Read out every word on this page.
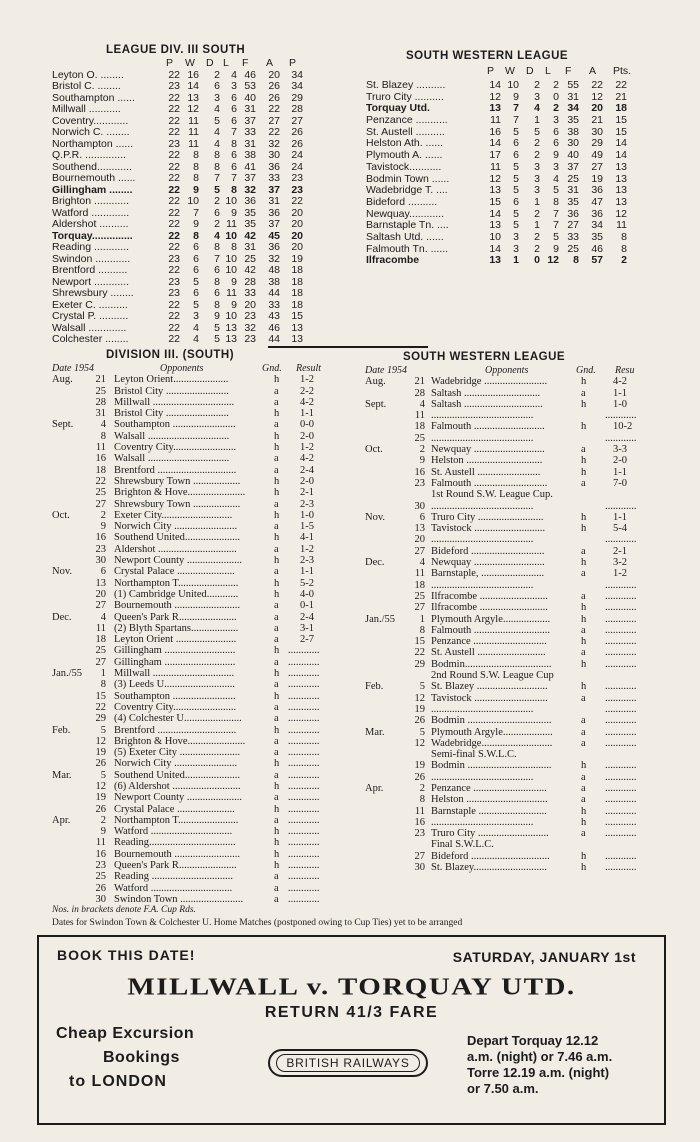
LEAGUE DIV. III SOUTH
P W D L F A P
Leyton O. ........	22 16	2	4 46	20	34
Bristol C. ........	23 14	6	3 53	26	34
Southampton ......	22 13	3	6 40	26	29
Millwall ...........	22 12	4	6 31	22	28
Coventry............	22 11	5	6 37	27	27
Norwich C. ........	22 11	4	7 33	22	26
Northampton ......	23 11	4	8 31	32	26
Q.P.R. ..............	22	8	8	6 38	30	24
Southend............	22	8	8	6 41	36	24
Bournemouth ......	22	8	7	7 37	33	23
Gillingham ........	22	9	5	8 32	37	23
Brighton ............	22 10	2 10 36	31	22
Watford .............	22	7	6	9 35	36	20
Aldershot ..........	22	9	2 11 35	37	20
Torquay..............	22	8	4 10 42	45	20
Reading ............	22	6	8	8 31	36	20
Swindon ............	23	6	7 10 25	32	19
Brentford ..........	22	6	6 10 42	48	18
Newport ............	23	5	8	9 28	38	18
Shrewsbury ........	23	6	6 11 33	44	18
Exeter C. ..........	22	5	8	9 20	33	18
Crystal P. ..........	22	3	9 10 23	43	15
Walsall .............	22	4	5 13 32	46	13
Colchester ........	22	4	5 13 23	44	13
SOUTH WESTERN LEAGUE
P W D L F A Pts.
St. Blazey ..........	14 10	2	2 55	22	22
Truro City ..........	12	9	3	0 31	12	21
Torquay Utd.	13	7	4	2 34	20	18
Penzance ...........	11	7	1	3 35	21	15
St. Austell ..........	16	5	5	6 38	30	15
Helston Ath. ......	14	6	2	6 30	29	14
Plymouth A. ......	17	6	2	9 40	49	14
Tavistock...........	11	5	3	3 37	27	13
Bodmin Town ......	12	5	3	4 25	19	13
Wadebridge T. ....	13	5	3	5 31	36	13
Bideford ..........	15	6	1	8 35	47	13
Newquay............	14	5	2	7 36	36	12
Barnstaple Tn. ....	13	5	1	7 27	34	11
Saltash Utd. ......	10	3	2	5 33	35	8
Falmouth Tn. ......	14	3	2	9 25	46	8
Ilfracombe	13	1	0 12	8	57	2
DIVISION III. (SOUTH)
Date 1954	Opponents	Gnd. Result
Aug.	21 Leyton Orient.....................	h 1-2
25 Bristol City ........................	a 2-2
28 Millwall ...............................	a 4-2
31 Bristol City ........................	h 1-1
Sept.	4 Southampton ........................	a 0-0
8 Walsall ...............................	h 2-0
11 Coventry City........................	h 1-2
16 Walsall ...............................	a 4-2
18 Brentford ..............................	a 2-4
22 Shrewsbury Town ..................	h 2-0
25 Brighton & Hove......................	h 2-1
27 Shrewsbury Town ..................	a 2-3
Oct.	2 Exeter City...........................	h 1-0
9 Norwich City ........................	a 1-5
16 Southend United.....................	h 4-1
23 Aldershot ..............................	a 1-2
30 Newport County .....................	h 2-3
Nov.	6 Crystal Palace ......................	a 1-1
13 Northampton T.......................	h 5-2
20 (1) Cambridge United............	h 4-0
27 Bournemouth .........................	a 0-1
Dec.	4 Queen's Park R......................	a 2-4
11 (2) Blyth Spartans..................	a 3-1
18 Leyton Orient .......................	a 2-7
25 Gillingham ...........................	h ............
27 Gillingham ...........................	a ............
Jan./55	1 Millwall ...............................	h ............
8 (3) Leeds U...........................	a ............
15 Southampton ........................	h ............
22 Coventry City........................	a ............
29 (4) Colchester U......................	a ............
Feb.	5 Brentford ..............................	h ............
12 Brighton & Hove......................	a ............
19 (5) Exeter City .......................	a ............
26 Norwich City ........................	h ............
Mar.	5 Southend United.....................	a ............
12 (6) Aldershot ..........................	h ............
19 Newport County .....................	a ............
26 Crystal Palace ......................	h ............
Apr.	2 Northampton T.......................	a ............
9 Watford ...............................	h ............
11 Reading.................................	h ............
16 Bournemouth .........................	h ............
23 Queen's Park R......................	h ............
25 Reading ...............................	a ............
26 Watford ...............................	a ............
30 Swindon Town ........................	a ............
Nos. in brackets denote F.A. Cup Rds.
Dates for Swindon Town & Colchester U. Home Matches (postponed owing to Cup Ties) yet to be arranged
SOUTH WESTERN LEAGUE
Date 1954	Opponents	Gnd. Resu
Aug.	21 Wadebridge ........................	h	4-2
28 Saltash .............................	a	1-1
Sept.	4 Saltash ..............................	h	1-0
11 .......................................	............
18 Falmouth ...........................	h	10-2
25 .......................................	............
Oct.	2 Newquay ...........................	a	3-3
9 Helston .............................	h	2-0
16 St. Austell ........................	h	1-1
23 Falmouth ............................	a	7-0
1st Round S.W. League Cup.
30 .......................................	............
Nov.	6 Truro City .........................	h	1-1
13 Tavistock ...........................	h	5-4
20 .......................................	............
27 Bideford ............................	a	2-1
Dec.	4 Newquay ...........................	h	3-2
11 Barnstaple, ........................	a	1-2
18 .......................................	............
25 Ilfracombe ..........................	a ............
27 Ilfracombe ..........................	h ............
Jan./55	1 Plymouth Argyle..................	h ............
8 Falmouth .............................	a ............
15 Penzance ............................	h ............
22 St. Austell ..........................	a ............
29 Bodmin.................................	h ............
2nd Round S.W. League Cup
Feb.	5 St. Blazey ...........................	h ............
12 Tavistock ............................	a ............
19 .......................................	............
26 Bodmin ................................	a ............
Mar.	5 Plymouth Argyle...................	a ............
12 Wadebridge...........................	a ............
Semi-final S.W.L.C.
19 Bodmin ................................	h ............
26 .......................................	a ............
Apr.	2 Penzance ............................	a ............
8 Helston ...............................	a ............
11 Barnstaple ..........................	h ............
16 .......................................	h ............
23 Truro City ...........................	a ............
Final S.W.L.C.
27 Bideford ..............................	h ............
30 St. Blazey............................	h ............
BOOK THIS DATE!	SATURDAY, JANUARY 1st
MILLWALL v. TORQUAY UTD.
RETURN 41/3 FARE
Cheap Excursion
Bookings
to LONDON
BRITISH RAILWAYS
Depart Torquay 12.12
a.m. (night) or 7.46 a.m.
Torre 12.19 a.m. (night)
or 7.50 a.m.
